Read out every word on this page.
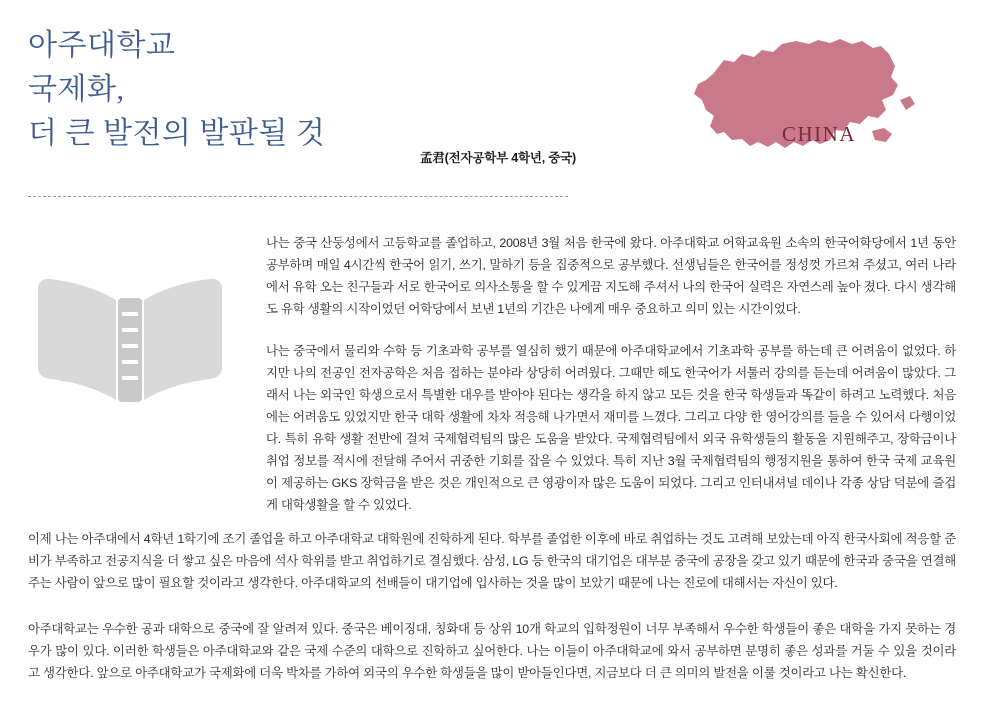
아주대학교
국제화,
더 큰 발전의 발판될 것
孟君(전자공학부 4학년, 중국)
CHINA

나는 중국 산둥성에서 고등학교를 졸업하고, 2008년 3월 처음 한국에 왔다. 아주대학교 어학교육원 소속의 한국어학당에서 1년 동안 공부하며 매일 4시간씩 한국어 읽기, 쓰기, 말하기 등을 집중적으로 공부했다. 선생님들은 한국어를 정성껏 가르쳐 주셨고, 여러 나라에서 유학 오는 친구들과 서로 한국어로 의사소통을 할 수 있게끔 지도해 주셔서 나의 한국어 실력은 자연스레 높아 졌다. 다시 생각해도 유학 생활의 시작이었던 어학당에서 보낸 1년의 기간은 나에게 매우 중요하고 의미 있는 시간이었다.

나는 중국에서 물리와 수학 등 기초과학 공부를 열심히 했기 때문에 아주대학교에서 기초과학 공부를 하는데 큰 어려움이 없었다. 하지만 나의 전공인 전자공학은 처음 접하는 분야라 상당히 어려웠다. 그때만 해도 한국어가 서툴러 강의를 듣는데 어려움이 많았다. 그래서 나는 외국인 학생으로서 특별한 대우를 받아야 된다는 생각을 하지 않고 모든 것을 한국 학생들과 똑같이 하려고 노력했다. 처음에는 어려움도 있었지만 한국 대학 생활에 차차 적응해 나가면서 재미를 느꼈다. 그리고 다양 한 영어강의를 들을 수 있어서 다행이었다. 특히 유학 생활 전반에 걸쳐 국제협력팀의 많은 도움을 받았다. 국제협력팀에서 외국 유학생들의 활동을 지원해주고, 장학금이나 취업 정보를 적시에 전달해 주어서 귀중한 기회를 잡을 수 있었다. 특히 지난 3월 국제협력팀의 행정지원을 통하여 한국 국제 교육원이 제공하는 GKS 장학금을 받은 것은 개인적으로 큰 영광이자 많은 도움이 되었다. 그리고 인터내셔널 데이나 각종 상담 덕분에 즐겁게 대학생활을 할 수 있었다.

이제 나는 아주대에서 4학년 1학기에 조기 졸업을 하고 아주대학교 대학원에 진학하게 된다. 학부를 졸업한 이후에 바로 취업하는 것도 고려해 보았는데 아직 한국사회에 적응할 준비가 부족하고 전공지식을 더 쌓고 싶은 마음에 석사 학위를 받고 취업하기로 결심했다. 삼성, LG 등 한국의 대기업은 대부분 중국에 공장을 갖고 있기 때문에 한국과 중국을 연결해주는 사람이 앞으로 많이 필요할 것이라고 생각한다. 아주대학교의 선배들이 대기업에 입사하는 것을 많이 보았기 때문에 나는 진로에 대해서는 자신이 있다.

아주대학교는 우수한 공과 대학으로 중국에 잘 알려져 있다. 중국은 베이징대, 칭화대 등 상위 10개 학교의 입학정원이 너무 부족해서 우수한 학생들이 좋은 대학을 가지 못하는 경우가 많이 있다. 이러한 학생들은 아주대학교와 같은 국제 수준의 대학으로 진학하고 싶어한다. 나는 이들이 아주대학교에 와서 공부하면 분명히 좋은 성과를 거둘 수 있을 것이라고 생각한다. 앞으로 아주대학교가 국제화에 더욱 박차를 가하여 외국의 우수한 학생들을 많이 받아들인다면, 지금보다 더 큰 의미의 발전을 이룰 것이라고 나는 확신한다.
